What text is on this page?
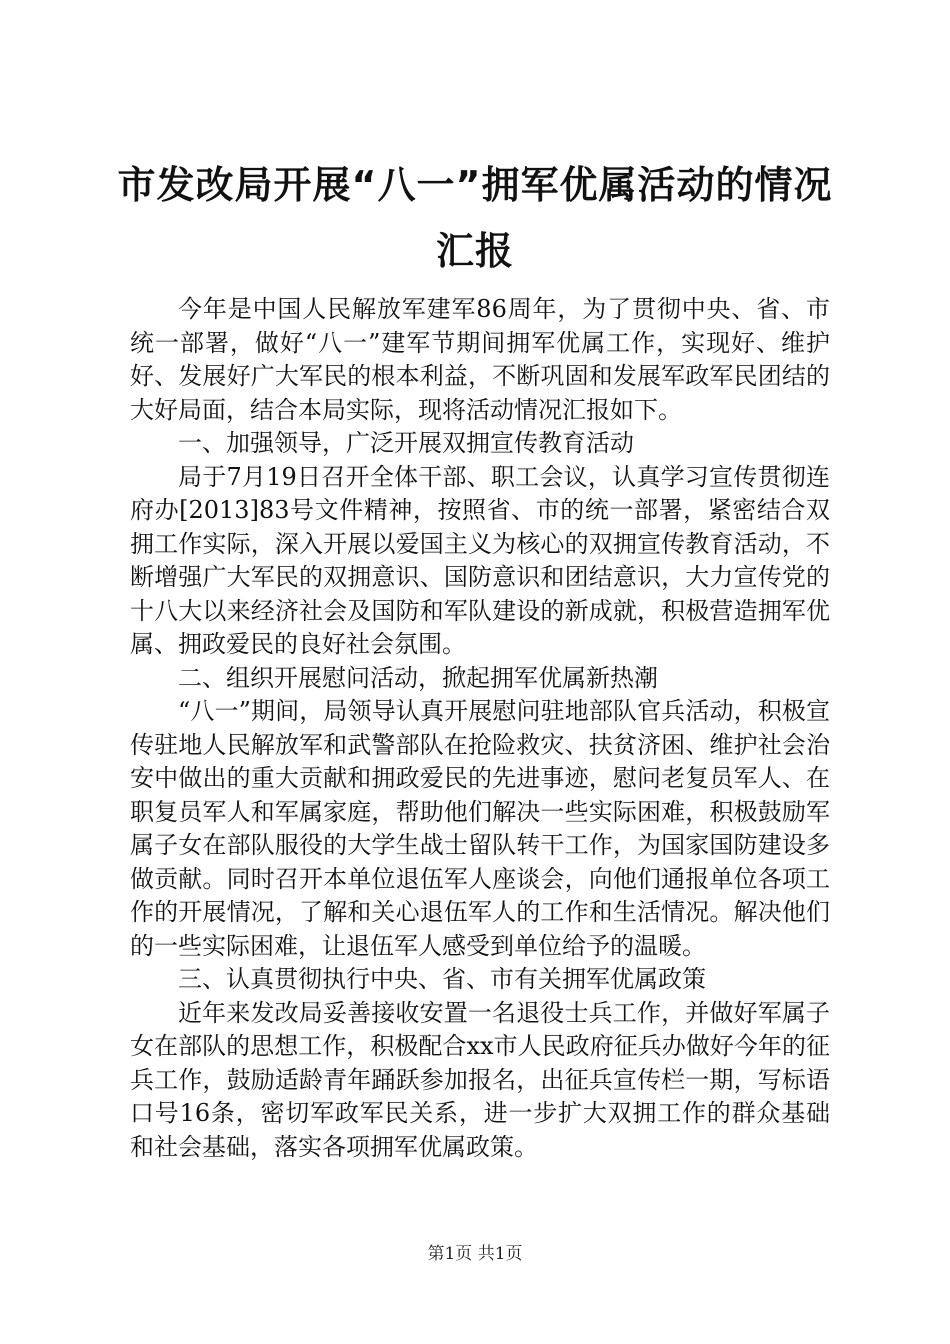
市发改局开展“八一”拥军优属活动的情况汇报

今年是中国人民解放军建军86周年，为了贯彻中央、省、市统一部署，做好“八一”建军节期间拥军优属工作，实现好、维护好、发展好广大军民的根本利益，不断巩固和发展军政军民团结的大好局面，结合本局实际，现将活动情况汇报如下。

一、加强领导，广泛开展双拥宣传教育活动

局于7月19日召开全体干部、职工会议，认真学习宣传贯彻连府办[2013]83号文件精神，按照省、市的统一部署，紧密结合双拥工作实际，深入开展以爱国主义为核心的双拥宣传教育活动，不断增强广大军民的双拥意识、国防意识和团结意识，大力宣传党的十八大以来经济社会及国防和军队建设的新成就，积极营造拥军优属、拥政爱民的良好社会氛围。

二、组织开展慰问活动，掀起拥军优属新热潮

“八一”期间，局领导认真开展慰问驻地部队官兵活动，积极宣传驻地人民解放军和武警部队在抢险救灾、扶贫济困、维护社会治安中做出的重大贡献和拥政爱民的先进事迹，慰问老复员军人、在职复员军人和军属家庭，帮助他们解决一些实际困难，积极鼓励军属子女在部队服役的大学生战士留队转干工作，为国家国防建设多做贡献。同时召开本单位退伍军人座谈会，向他们通报单位各项工作的开展情况，了解和关心退伍军人的工作和生活情况。解决他们的一些实际困难，让退伍军人感受到单位给予的温暖。

三、认真贯彻执行中央、省、市有关拥军优属政策

近年来发改局妥善接收安置一名退役士兵工作，并做好军属子女在部队的思想工作，积极配合xx市人民政府征兵办做好今年的征兵工作，鼓励适龄青年踊跃参加报名，出征兵宣传栏一期，写标语口号16条，密切军政军民关系，进一步扩大双拥工作的群众基础和社会基础，落实各项拥军优属政策。

第1页 共1页
